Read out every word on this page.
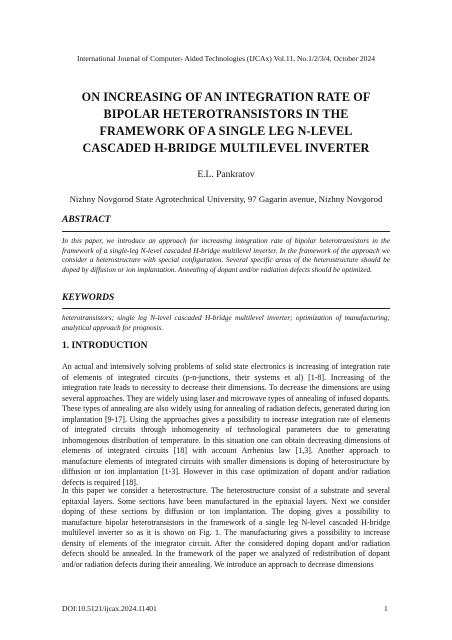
International Journal of Computer- Aided Technologies (IJCAx) Vol.11, No.1/2/3/4, October 2024
ON INCREASING OF AN INTEGRATION RATE OF
BIPOLAR HETEROTRANSISTORS IN THE
FRAMEWORK OF A SINGLE LEG N-LEVEL
CASCADED H-BRIDGE MULTILEVEL INVERTER
E.L. Pankratov
Nizhny Novgorod State Agrotechnical University, 97 Gagarin avenue, Nizhny Novgorod
ABSTRACT

In this paper, we introduce an approach for increasing integration rate of bipolar heterotransistors in the framework of a single-leg N-level cascaded H-bridge multilevel inverter. In the framework of the approach we consider a heterostructure with special configuration. Several specific areas of the heterostructure should be doped by diffusion or ion implantation. Annealing of dopant and/or radiation defects should be optimized.

KEYWORDS

heterotransistors; single leg N-level cascaded H-bridge multilevel inverter; optimization of manufacturing; analytical approach for prognosis.

1. INTRODUCTION

An actual and intensively solving problems of solid state electronics is increasing of integration rate of elements of integrated circuits (p-n-junctions, their systems et al) [1-8]. Increasing of the integration rate leads to necessity to decrease their dimensions. To decrease the dimensions are using several approaches. They are widely using laser and microwave types of annealing of infused dopants. These types of annealing are also widely using for annealing of radiation defects, generated during ion implantation [9-17]. Using the approaches gives a possibility to increase integration rate of elements of integrated circuits through inhomogeneity of technological parameters due to generating inhomogenous distribution of temperature. In this situation one can obtain decreasing dimensions of elements of integrated circuits [18] with account Arrhenius law [1,3]. Another approach to manufacture elements of integrated circuits with smaller dimensions is doping of heterostructure by diffusion or ion implantation [1-3]. However in this case optimization of dopant and/or radiation defects is required [18].

In this paper we consider a heterostructure. The heterostructure consist of a substrate and several epitaxial layers. Some sections have been manufactured in the epitaxial layers. Next we consider doping of these sections by diffusion or ion implantation. The doping gives a possibility to manufacture bipolar heterotransistors in the framework of a single leg N-level cascaded H-bridge multilevel inverter so as it is shown on Fig. 1. The manufacturing gives a possibility to increase density of elements of the integrator circuit. After the considered doping dopant and/or radiation defects should be annealed. In the framework of the paper we analyzed of redistribution of dopant and/or radiation defects during their annealing. We introduce an approach to decrease dimensions

DOI:10.5121/ijcax.2024.11401	1
